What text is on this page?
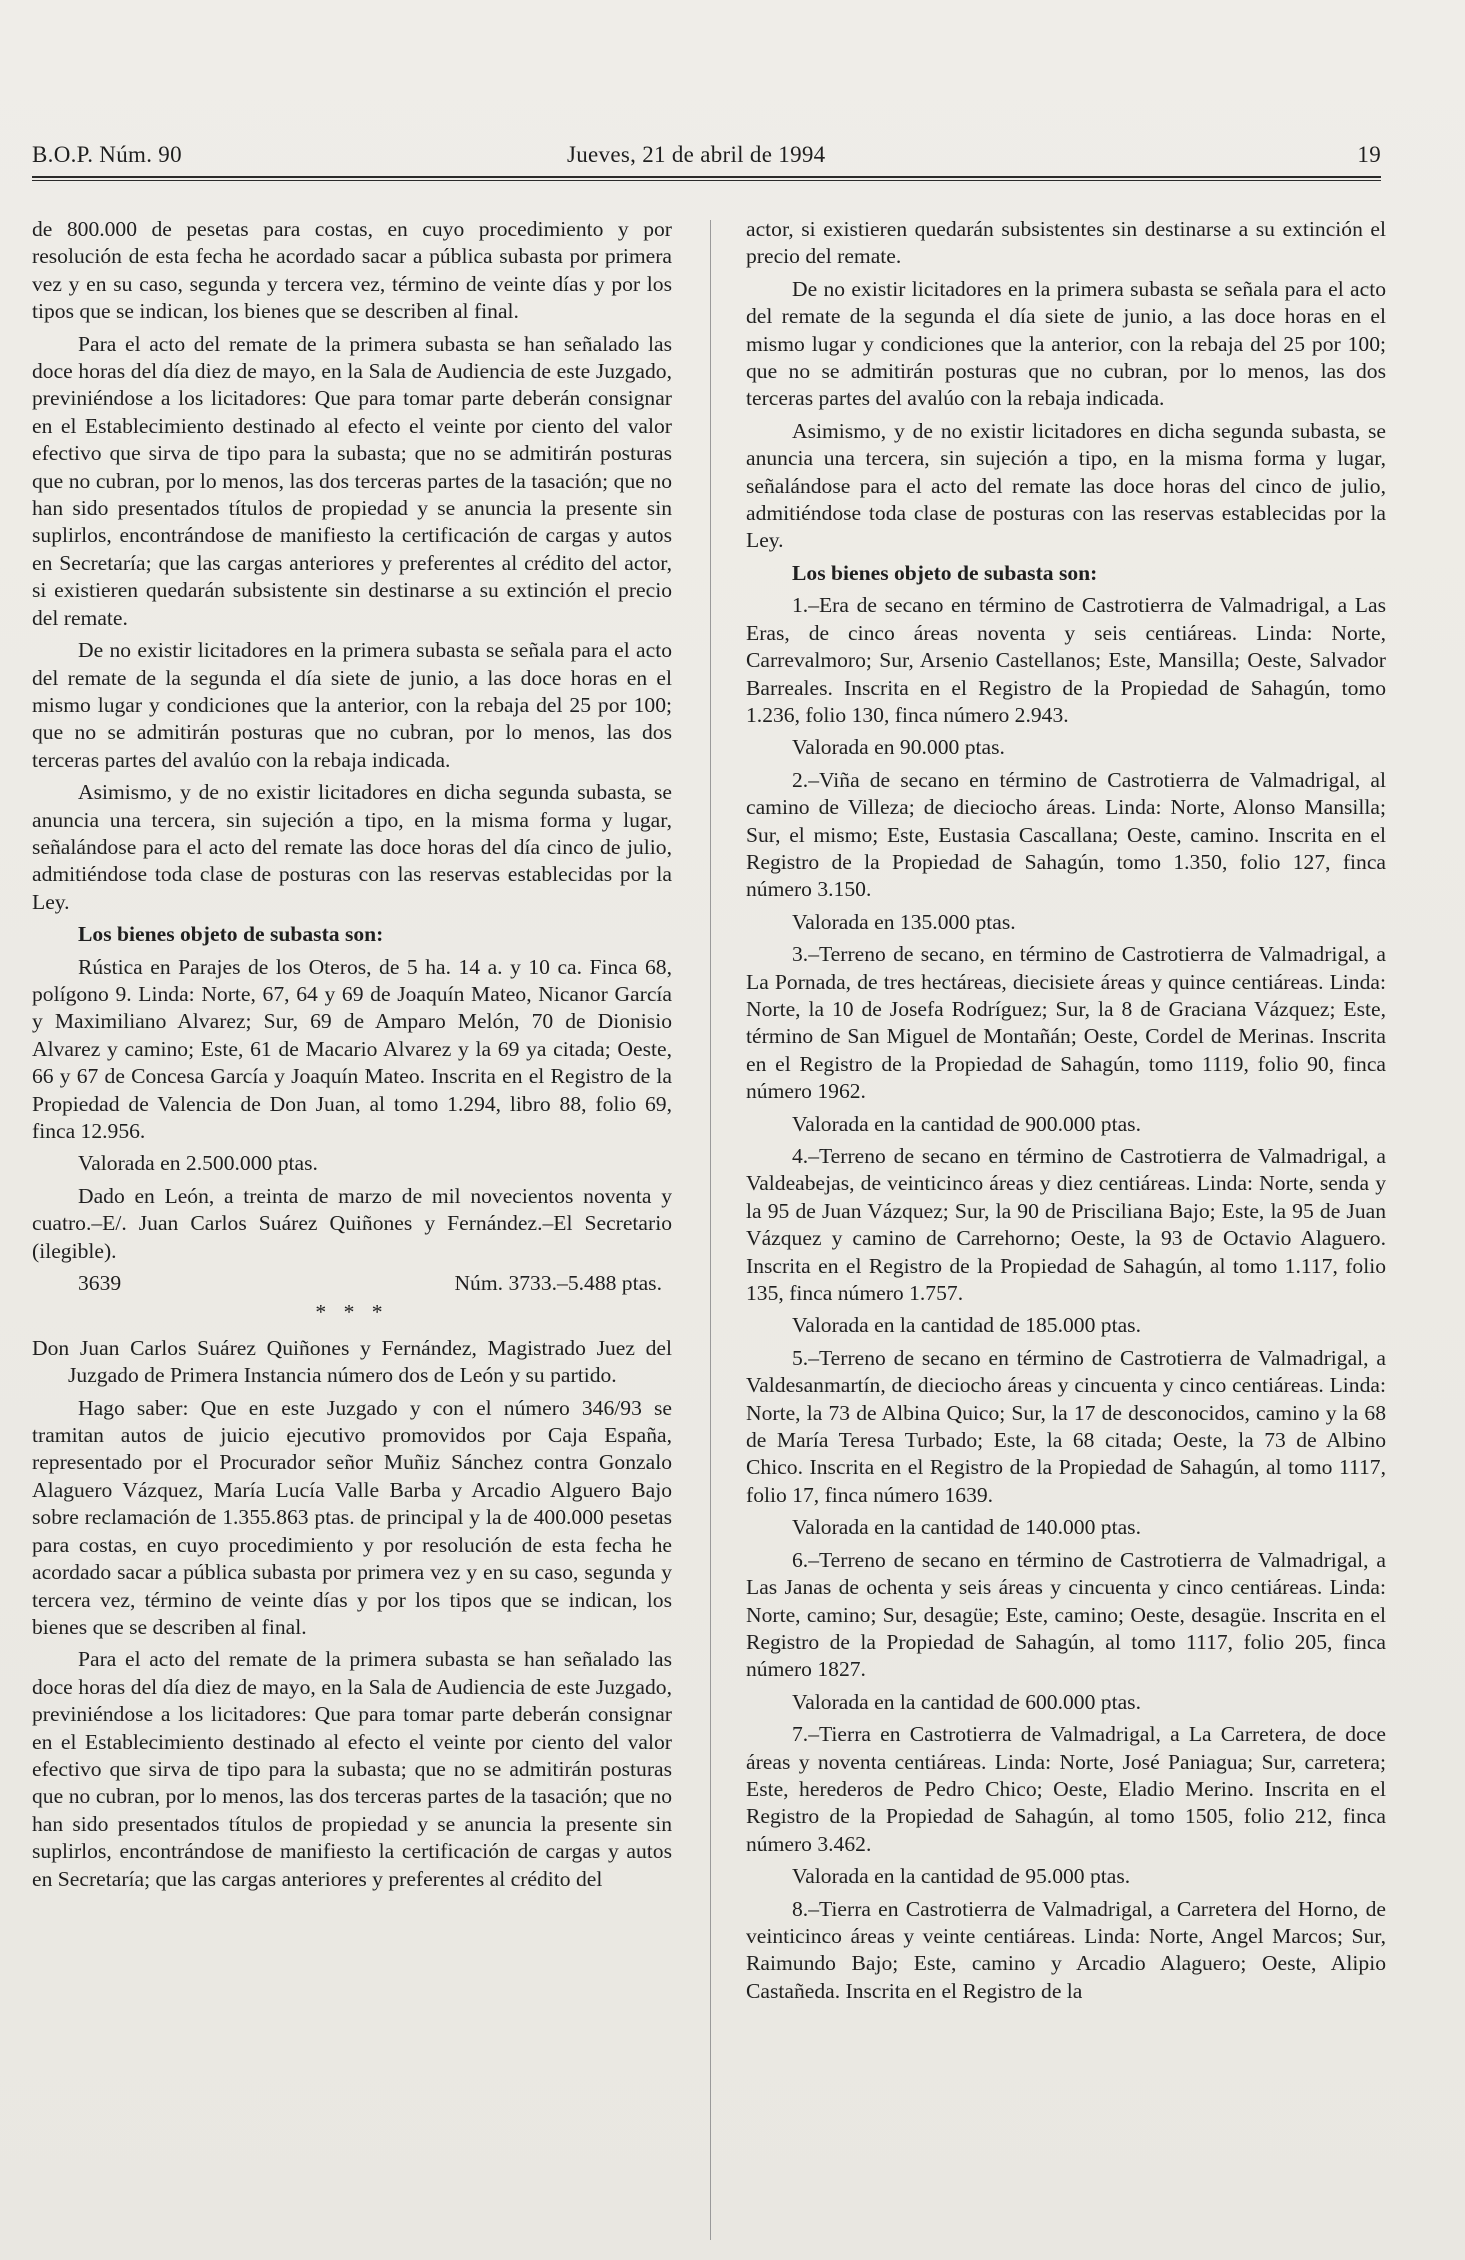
B.O.P. Núm. 90	Jueves, 21 de abril de 1994	19

de 800.000 de pesetas para costas, en cuyo procedimiento y por resolución de esta fecha he acordado sacar a pública subasta por primera vez y en su caso, segunda y tercera vez, término de veinte días y por los tipos que se indican, los bienes que se describen al final.

Para el acto del remate de la primera subasta se han señalado las doce horas del día diez de mayo, en la Sala de Audiencia de este Juzgado, previniéndose a los licitadores: Que para tomar parte deberán consignar en el Establecimiento destinado al efecto el veinte por ciento del valor efectivo que sirva de tipo para la subasta; que no se admitirán posturas que no cubran, por lo menos, las dos terceras partes de la tasación; que no han sido presentados títulos de propiedad y se anuncia la presente sin suplirlos, encontrándose de manifiesto la certificación de cargas y autos en Secretaría; que las cargas anteriores y preferentes al crédito del actor, si existieren quedarán subsistente sin destinarse a su extinción el precio del remate.

De no existir licitadores en la primera subasta se señala para el acto del remate de la segunda el día siete de junio, a las doce horas en el mismo lugar y condiciones que la anterior, con la rebaja del 25 por 100; que no se admitirán posturas que no cubran, por lo menos, las dos terceras partes del avalúo con la rebaja indicada.

Asimismo, y de no existir licitadores en dicha segunda subasta, se anuncia una tercera, sin sujeción a tipo, en la misma forma y lugar, señalándose para el acto del remate las doce horas del día cinco de julio, admitiéndose toda clase de posturas con las reservas establecidas por la Ley.

Los bienes objeto de subasta son:

Rústica en Parajes de los Oteros, de 5 ha. 14 a. y 10 ca. Finca 68, polígono 9. Linda: Norte, 67, 64 y 69 de Joaquín Mateo, Nicanor García y Maximiliano Alvarez; Sur, 69 de Amparo Melón, 70 de Dionisio Alvarez y camino; Este, 61 de Macario Alvarez y la 69 ya citada; Oeste, 66 y 67 de Concesa García y Joaquín Mateo. Inscrita en el Registro de la Propiedad de Valencia de Don Juan, al tomo 1.294, libro 88, folio 69, finca 12.956.

Valorada en 2.500.000 ptas.

Dado en León, a treinta de marzo de mil novecientos noventa y cuatro.–E/. Juan Carlos Suárez Quiñones y Fernández.–El Secretario (ilegible).

3639	Núm. 3733.–5.488 ptas.

* * *

Don Juan Carlos Suárez Quiñones y Fernández, Magistrado Juez del Juzgado de Primera Instancia número dos de León y su partido.

Hago saber: Que en este Juzgado y con el número 346/93 se tramitan autos de juicio ejecutivo promovidos por Caja España, representado por el Procurador señor Muñiz Sánchez contra Gonzalo Alaguero Vázquez, María Lucía Valle Barba y Arcadio Alguero Bajo sobre reclamación de 1.355.863 ptas. de principal y la de 400.000 pesetas para costas, en cuyo procedimiento y por resolución de esta fecha he acordado sacar a pública subasta por primera vez y en su caso, segunda y tercera vez, término de veinte días y por los tipos que se indican, los bienes que se describen al final.

Para el acto del remate de la primera subasta se han señalado las doce horas del día diez de mayo, en la Sala de Audiencia de este Juzgado, previniéndose a los licitadores: Que para tomar parte deberán consignar en el Establecimiento destinado al efecto el veinte por ciento del valor efectivo que sirva de tipo para la subasta; que no se admitirán posturas que no cubran, por lo menos, las dos terceras partes de la tasación; que no han sido presentados títulos de propiedad y se anuncia la presente sin suplirlos, encontrándose de manifiesto la certificación de cargas y autos en Secretaría; que las cargas anteriores y preferentes al crédito del

actor, si existieren quedarán subsistentes sin destinarse a su extinción el precio del remate.

De no existir licitadores en la primera subasta se señala para el acto del remate de la segunda el día siete de junio, a las doce horas en el mismo lugar y condiciones que la anterior, con la rebaja del 25 por 100; que no se admitirán posturas que no cubran, por lo menos, las dos terceras partes del avalúo con la rebaja indicada.

Asimismo, y de no existir licitadores en dicha segunda subasta, se anuncia una tercera, sin sujeción a tipo, en la misma forma y lugar, señalándose para el acto del remate las doce horas del cinco de julio, admitiéndose toda clase de posturas con las reservas establecidas por la Ley.

Los bienes objeto de subasta son:

1.–Era de secano en término de Castrotierra de Valmadrigal, a Las Eras, de cinco áreas noventa y seis centiáreas. Linda: Norte, Carrevalmoro; Sur, Arsenio Castellanos; Este, Mansilla; Oeste, Salvador Barreales. Inscrita en el Registro de la Propiedad de Sahagún, tomo 1.236, folio 130, finca número 2.943.

Valorada en 90.000 ptas.

2.–Viña de secano en término de Castrotierra de Valmadrigal, al camino de Villeza; de dieciocho áreas. Linda: Norte, Alonso Mansilla; Sur, el mismo; Este, Eustasia Cascallana; Oeste, camino. Inscrita en el Registro de la Propiedad de Sahagún, tomo 1.350, folio 127, finca número 3.150.

Valorada en 135.000 ptas.

3.–Terreno de secano, en término de Castrotierra de Valmadrigal, a La Pornada, de tres hectáreas, diecisiete áreas y quince centiáreas. Linda: Norte, la 10 de Josefa Rodríguez; Sur, la 8 de Graciana Vázquez; Este, término de San Miguel de Montañán; Oeste, Cordel de Merinas. Inscrita en el Registro de la Propiedad de Sahagún, tomo 1119, folio 90, finca número 1962.

Valorada en la cantidad de 900.000 ptas.

4.–Terreno de secano en término de Castrotierra de Valmadrigal, a Valdeabejas, de veinticinco áreas y diez centiáreas. Linda: Norte, senda y la 95 de Juan Vázquez; Sur, la 90 de Prisciliana Bajo; Este, la 95 de Juan Vázquez y camino de Carrehorno; Oeste, la 93 de Octavio Alaguero. Inscrita en el Registro de la Propiedad de Sahagún, al tomo 1.117, folio 135, finca número 1.757.

Valorada en la cantidad de 185.000 ptas.

5.–Terreno de secano en término de Castrotierra de Valmadrigal, a Valdesanmartín, de dieciocho áreas y cincuenta y cinco centiáreas. Linda: Norte, la 73 de Albina Quico; Sur, la 17 de desconocidos, camino y la 68 de María Teresa Turbado; Este, la 68 citada; Oeste, la 73 de Albino Chico. Inscrita en el Registro de la Propiedad de Sahagún, al tomo 1117, folio 17, finca número 1639.

Valorada en la cantidad de 140.000 ptas.

6.–Terreno de secano en término de Castrotierra de Valmadrigal, a Las Janas de ochenta y seis áreas y cincuenta y cinco centiáreas. Linda: Norte, camino; Sur, desagüe; Este, camino; Oeste, desagüe. Inscrita en el Registro de la Propiedad de Sahagún, al tomo 1117, folio 205, finca número 1827.

Valorada en la cantidad de 600.000 ptas.

7.–Tierra en Castrotierra de Valmadrigal, a La Carretera, de doce áreas y noventa centiáreas. Linda: Norte, José Paniagua; Sur, carretera; Este, herederos de Pedro Chico; Oeste, Eladio Merino. Inscrita en el Registro de la Propiedad de Sahagún, al tomo 1505, folio 212, finca número 3.462.

Valorada en la cantidad de 95.000 ptas.

8.–Tierra en Castrotierra de Valmadrigal, a Carretera del Horno, de veinticinco áreas y veinte centiáreas. Linda: Norte, Angel Marcos; Sur, Raimundo Bajo; Este, camino y Arcadio Alaguero; Oeste, Alipio Castañeda. Inscrita en el Registro de la
